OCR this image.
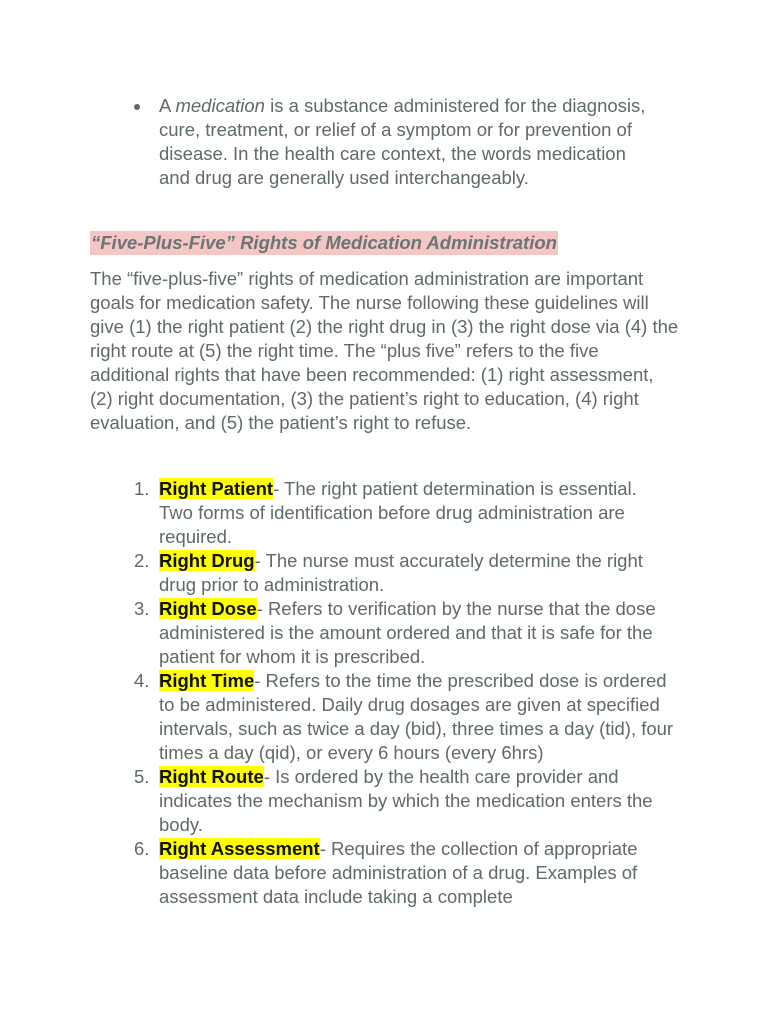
A medication is a substance administered for the diagnosis, cure, treatment, or relief of a symptom or for prevention of disease. In the health care context, the words medication and drug are generally used interchangeably.
“Five-Plus-Five” Rights of Medication Administration

The “five-plus-five” rights of medication administration are important goals for medication safety. The nurse following these guidelines will give (1) the right patient (2) the right drug in (3) the right dose via (4) the right route at (5) the right time. The “plus five” refers to the five additional rights that have been recommended: (1) right assessment, (2) right documentation, (3) the patient’s right to education, (4) right evaluation, and (5) the patient’s right to refuse.

1. Right Patient- The right patient determination is essential. Two forms of identification before drug administration are required.
2. Right Drug- The nurse must accurately determine the right drug prior to administration.
3. Right Dose- Refers to verification by the nurse that the dose administered is the amount ordered and that it is safe for the patient for whom it is prescribed.
4. Right Time- Refers to the time the prescribed dose is ordered to be administered. Daily drug dosages are given at specified intervals, such as twice a day (bid), three times a day (tid), four times a day (qid), or every 6 hours (every 6hrs)
5. Right Route- Is ordered by the health care provider and indicates the mechanism by which the medication enters the body.
6. Right Assessment- Requires the collection of appropriate baseline data before administration of a drug. Examples of assessment data include taking a complete
